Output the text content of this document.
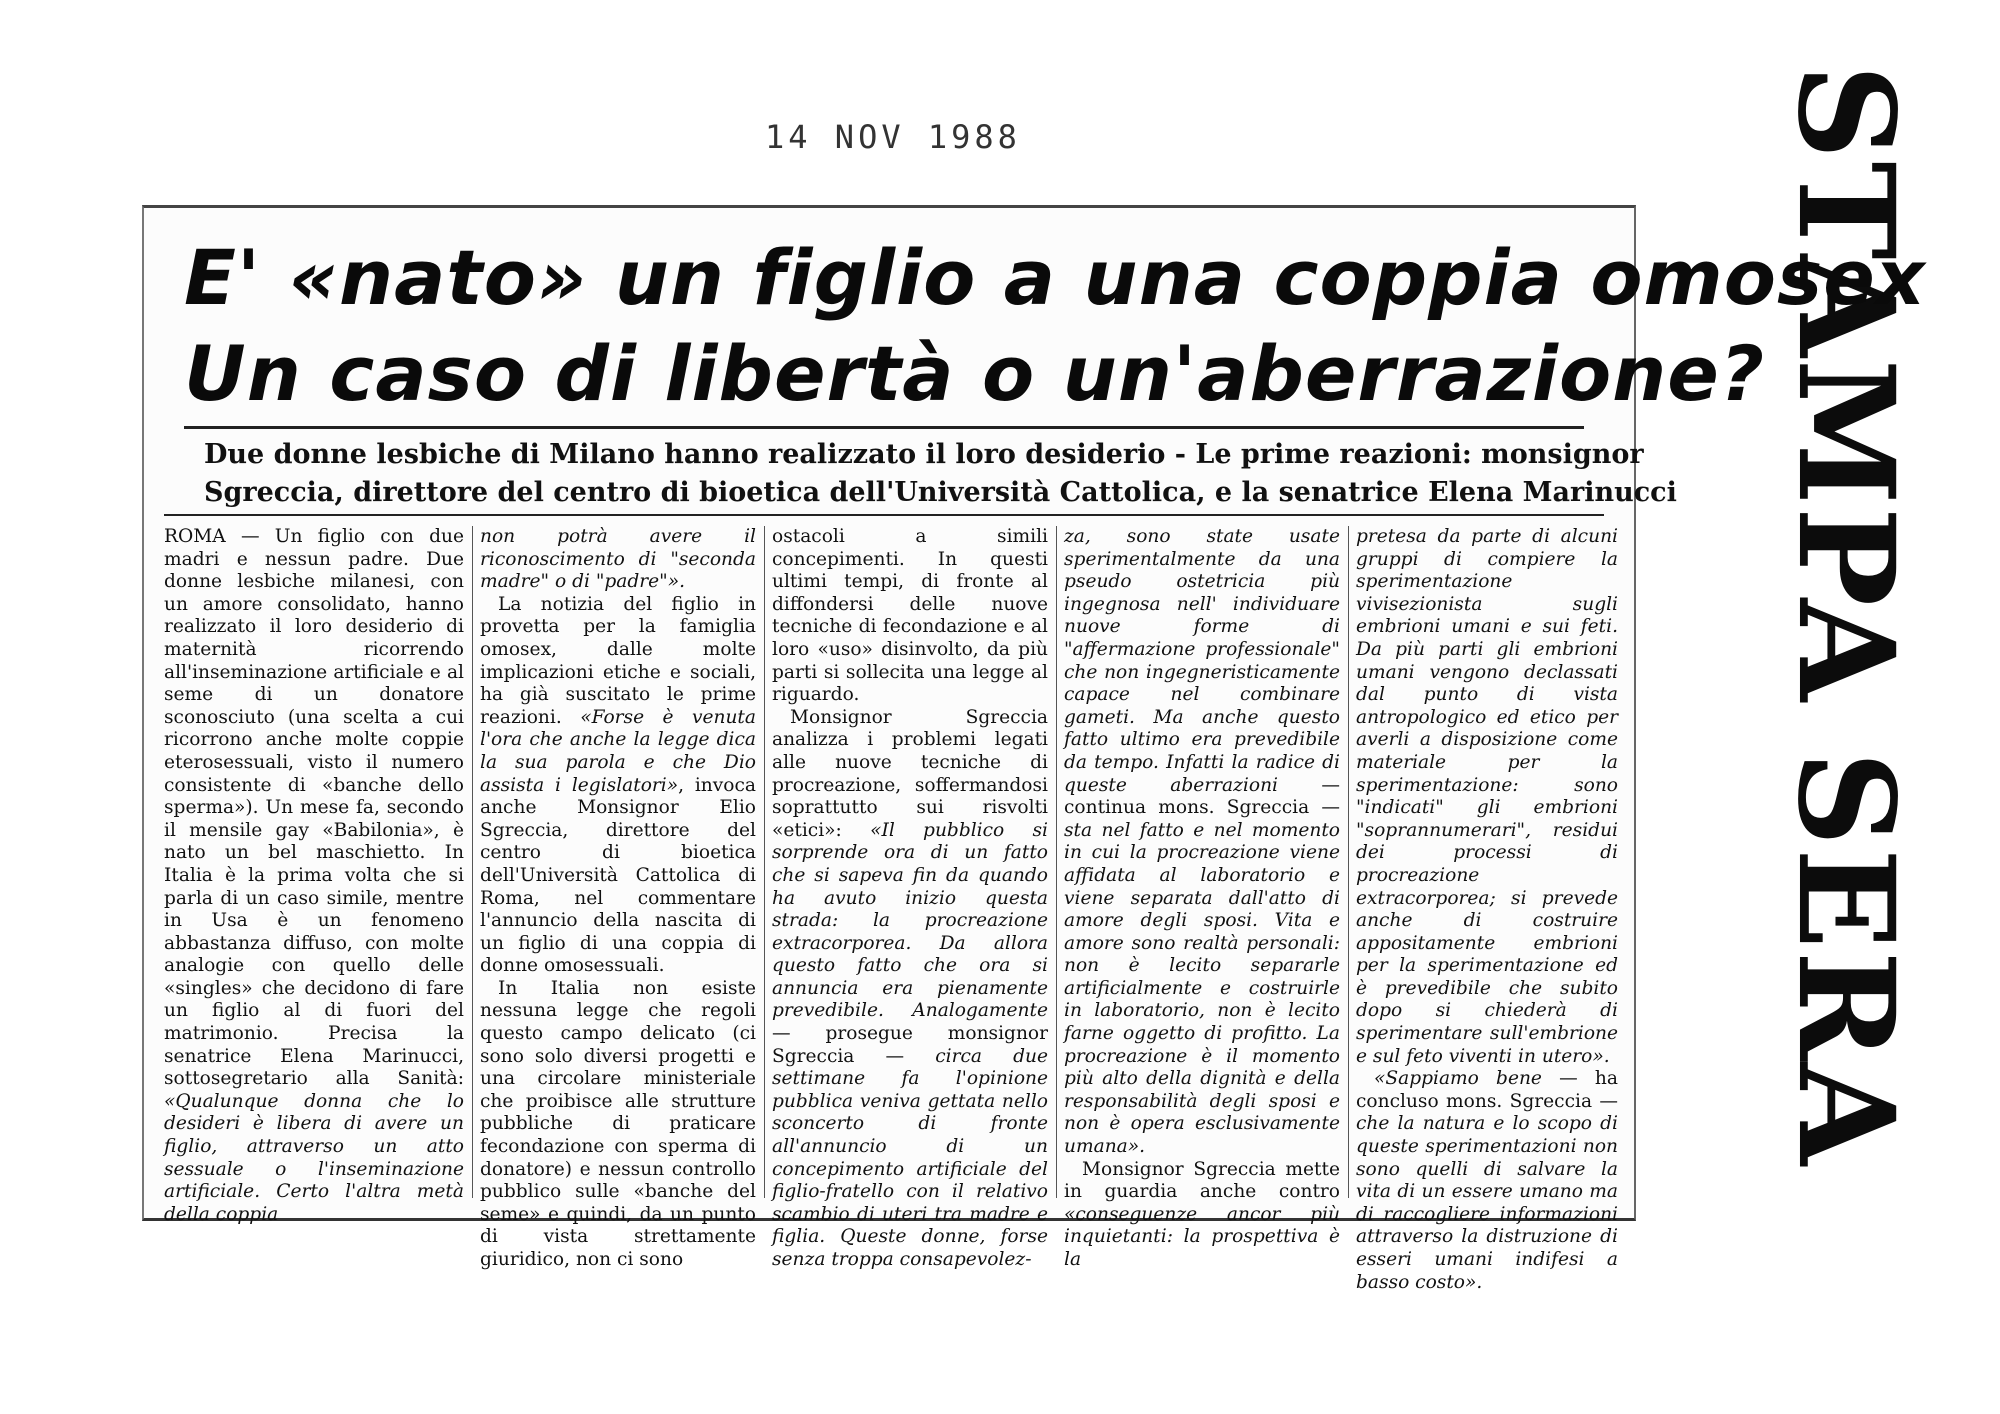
14 NOV 1988	STAMPA SERA
E' «nato» un figlio a una coppia omosex
Un caso di libertà o un'aberrazione?
Due donne lesbiche di Milano hanno realizzato il loro desiderio - Le prime reazioni: monsignor
Sgreccia, direttore del centro di bioetica dell'Università Cattolica, e la senatrice Elena Marinucci

ROMA — Un figlio con due madri e nessun padre. Due donne lesbiche milanesi, con un amore consolidato, hanno realizzato il loro desiderio di maternità ricorrendo all'inseminazione artificiale e al seme di un donatore sconosciuto (una scelta a cui ricorrono anche molte coppie eterosessuali, visto il numero consistente di «banche dello sperma»). Un mese fa, secondo il mensile gay «Babilonia», è nato un bel maschietto. In Italia è la prima volta che si parla di un caso simile, mentre in Usa è un fenomeno abbastanza diffuso, con molte analogie con quello delle «singles» che decidono di fare un figlio al di fuori del matrimonio. Precisa la senatrice Elena Marinucci, sottosegretario alla Sanità: «Qualunque donna che lo desideri è libera di avere un figlio, attraverso un atto sessuale o l'inseminazione artificiale. Certo l'altra metà della coppia

non potrà avere il riconoscimento di "seconda madre" o di "padre"».

La notizia del figlio in provetta per la famiglia omosex, dalle molte implicazioni etiche e sociali, ha già suscitato le prime reazioni. «Forse è venuta l'ora che anche la legge dica la sua parola e che Dio assista i legislatori», invoca anche Monsignor Elio Sgreccia, direttore del centro di bioetica dell'Università Cattolica di Roma, nel commentare l'annuncio della nascita di un figlio di una coppia di donne omosessuali.

In Italia non esiste nessuna legge che regoli questo campo delicato (ci sono solo diversi progetti e una circolare ministeriale che proibisce alle strutture pubbliche di praticare fecondazione con sperma di donatore) e nessun controllo pubblico sulle «banche del seme» e quindi, da un punto di vista strettamente giuridico, non ci sono

ostacoli a simili concepimenti. In questi ultimi tempi, di fronte al diffondersi delle nuove tecniche di fecondazione e al loro «uso» disinvolto, da più parti si sollecita una legge al riguardo.

Monsignor Sgreccia analizza i problemi legati alle nuove tecniche di procreazione, soffermandosi soprattutto sui risvolti «etici»: «Il pubblico si sorprende ora di un fatto che si sapeva fin da quando ha avuto inizio questa strada: la procreazione extracorporea. Da allora questo fatto che ora si annuncia era pienamente prevedibile. Analogamente — prosegue monsignor Sgreccia — circa due settimane fa l'opinione pubblica veniva gettata nello sconcerto di fronte all'annuncio di un concepimento artificiale del figlio-fratello con il relativo scambio di uteri tra madre e figlia. Queste donne, forse senza troppa consapevolez-

za, sono state usate sperimentalmente da una pseudo ostetricia più ingegnosa nell' individuare nuove forme di "affermazione professionale" che non ingegneristicamente capace nel combinare gameti. Ma anche questo fatto ultimo era prevedibile da tempo. Infatti la radice di queste aberrazioni — continua mons. Sgreccia — sta nel fatto e nel momento in cui la procreazione viene affidata al laboratorio e viene separata dall'atto di amore degli sposi. Vita e amore sono realtà personali: non è lecito separarle artificialmente e costruirle in laboratorio, non è lecito farne oggetto di profitto. La procreazione è il momento più alto della dignità e della responsabilità degli sposi e non è opera esclusivamente umana».

Monsignor Sgreccia mette in guardia anche contro «conseguenze ancor più inquietanti: la prospettiva è la

pretesa da parte di alcuni gruppi di compiere la sperimentazione vivisezionista sugli embrioni umani e sui feti. Da più parti gli embrioni umani vengono declassati dal punto di vista antropologico ed etico per averli a disposizione come materiale per la sperimentazione: sono "indicati" gli embrioni "soprannumerari", residui dei processi di procreazione extracorporea; si prevede anche di costruire appositamente embrioni per la sperimentazione ed è prevedibile che subito dopo si chiederà di sperimentare sull'embrione e sul feto viventi in utero».

«Sappiamo bene — ha concluso mons. Sgreccia — che la natura e lo scopo di queste sperimentazioni non sono quelli di salvare la vita di un essere umano ma di raccogliere informazioni attraverso la distruzione di esseri umani indifesi a basso costo».
